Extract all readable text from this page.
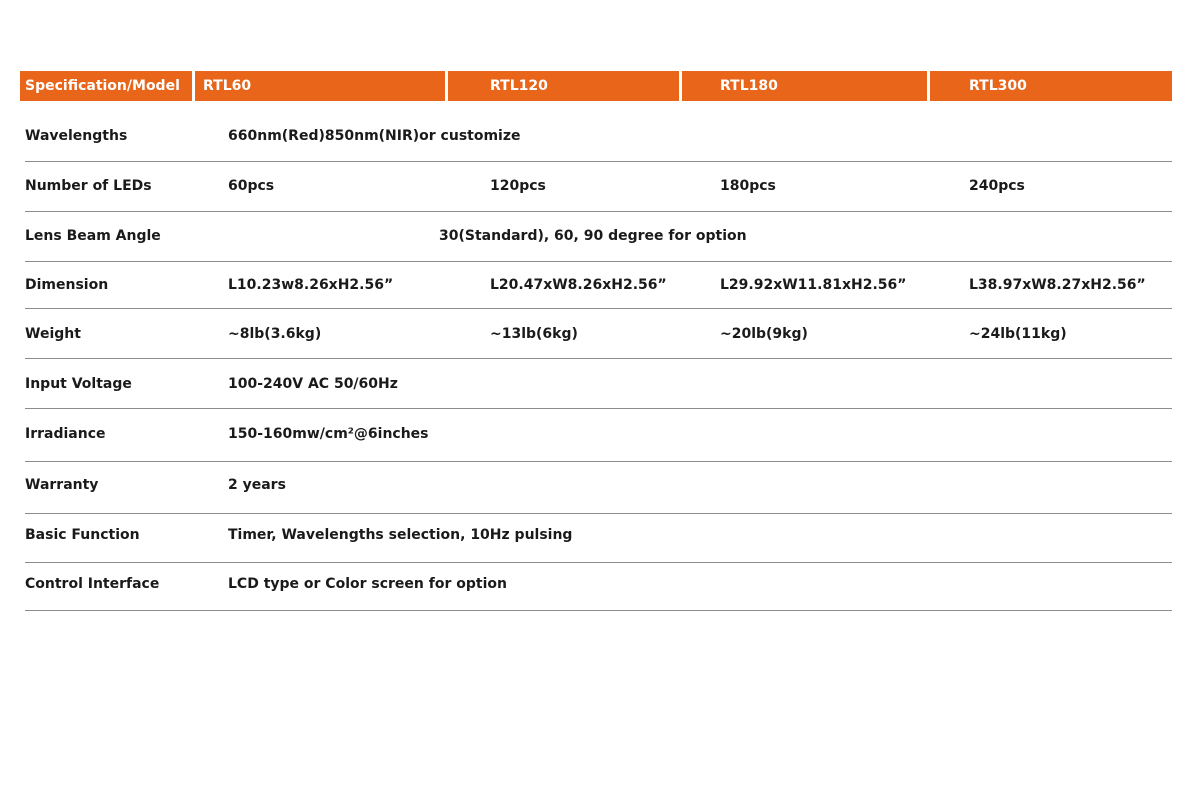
Specification/Model	RTL60	RTL120	RTL180	RTL300
Wavelengths	660nm(Red)850nm(NIR)or customize
Number of LEDs	60pcs	120pcs	180pcs	240pcs
Lens Beam Angle	30(Standard), 60, 90 degree for option
Dimension	L10.23w8.26xH2.56”	L20.47xW8.26xH2.56”	L29.92xW11.81xH2.56”	L38.97xW8.27xH2.56”
Weight	~8lb(3.6kg)	~13lb(6kg)	~20lb(9kg)	~24lb(11kg)
Input Voltage	100-240V AC 50/60Hz
Irradiance	150-160mw/cm²@6inches
Warranty	2 years
Basic Function	Timer, Wavelengths selection, 10Hz pulsing
Control Interface	LCD type or Color screen for option
